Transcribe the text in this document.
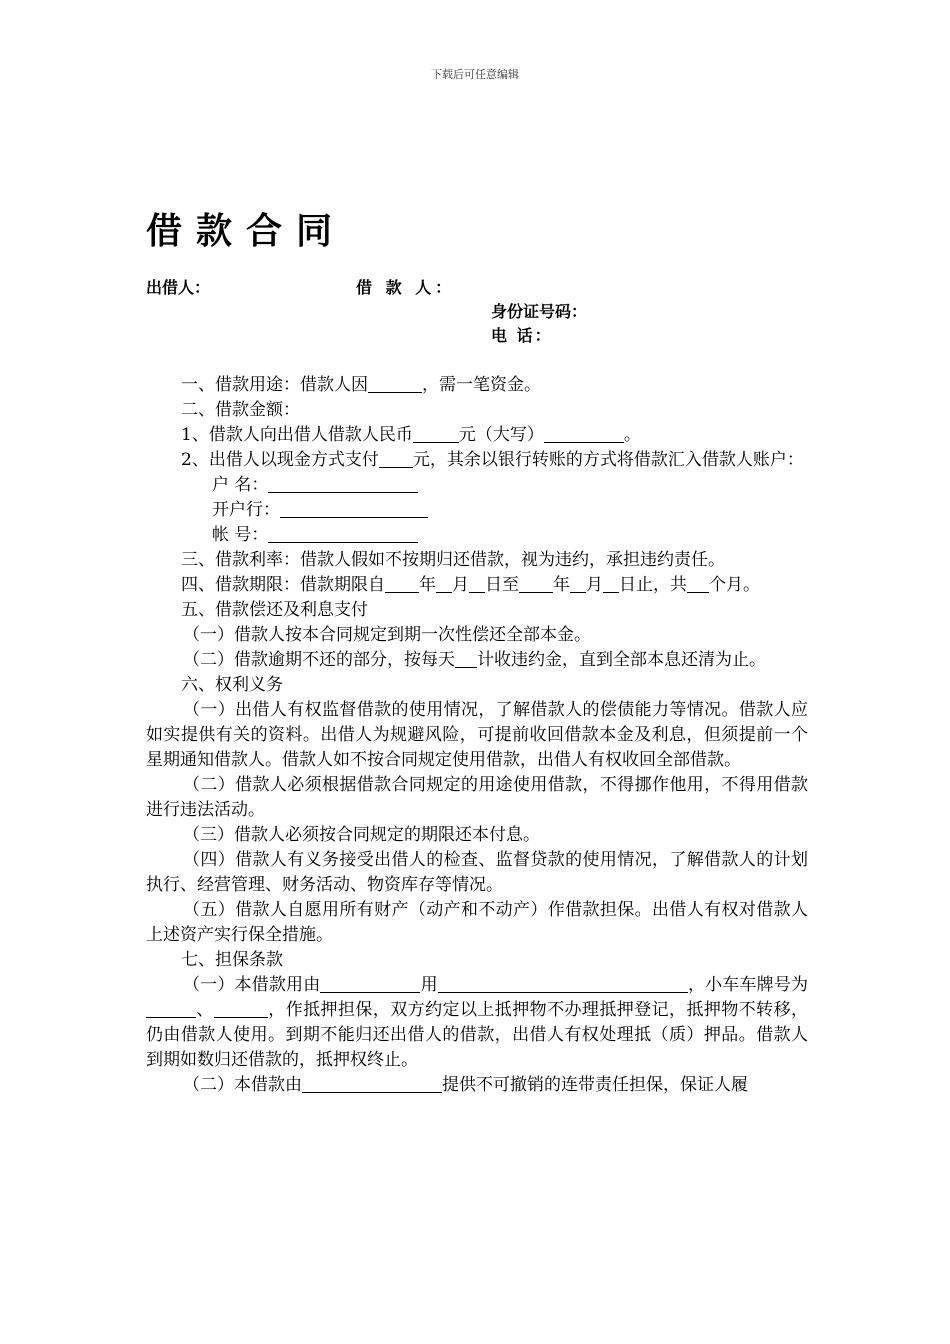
下载后可任意编辑
借款合同
出借人：	借 款 人：
身份证号码：
电 话：

一、借款用途：借款人因	，需一笔资金。

二、借款金额：

1、借款人向出借人借款人民币	元（大写）	。

2、出借人以现金方式支付 元，其余以银行转账的方式将借款汇入借款人账户：

户 名：

开户行：

帐 号：

三、借款利率：借款人假如不按期归还借款，视为违约，承担违约责任。

四、借款期限：借款期限自 年 月 日至 年 月 日止，共 个月。

五、借款偿还及利息支付

（一）借款人按本合同规定到期一次性偿还全部本金。

（二）借款逾期不还的部分，按每天 计收违约金，直到全部本息还清为止。

六、权利义务

（一）出借人有权监督借款的使用情况，了解借款人的偿债能力等情况。借款人应如实提供有关的资料。出借人为规避风险，可提前收回借款本金及利息，但须提前一个星期通知借款人。借款人如不按合同规定使用借款，出借人有权收回全部借款。

（二）借款人必须根据借款合同规定的用途使用借款，不得挪作他用，不得用借款进行违法活动。

（三）借款人必须按合同规定的期限还本付息。

（四）借款人有义务接受出借人的检查、监督贷款的使用情况，了解借款人的计划执行、经营管理、财务活动、物资库存等情况。

（五）借款人自愿用所有财产（动产和不动产）作借款担保。出借人有权对借款人上述资产实行保全措施。

七、担保条款

（一）本借款用由	用	，小车车牌号为、	，作抵押担保，双方约定以上抵押物不办理抵押登记，抵押物不转移，仍由借款人使用。到期不能归还出借人的借款，出借人有权处理抵（质）押品。借款人到期如数归还借款的，抵押权终止。

（二）本借款由	提供不可撤销的连带责任担保，保证人履
